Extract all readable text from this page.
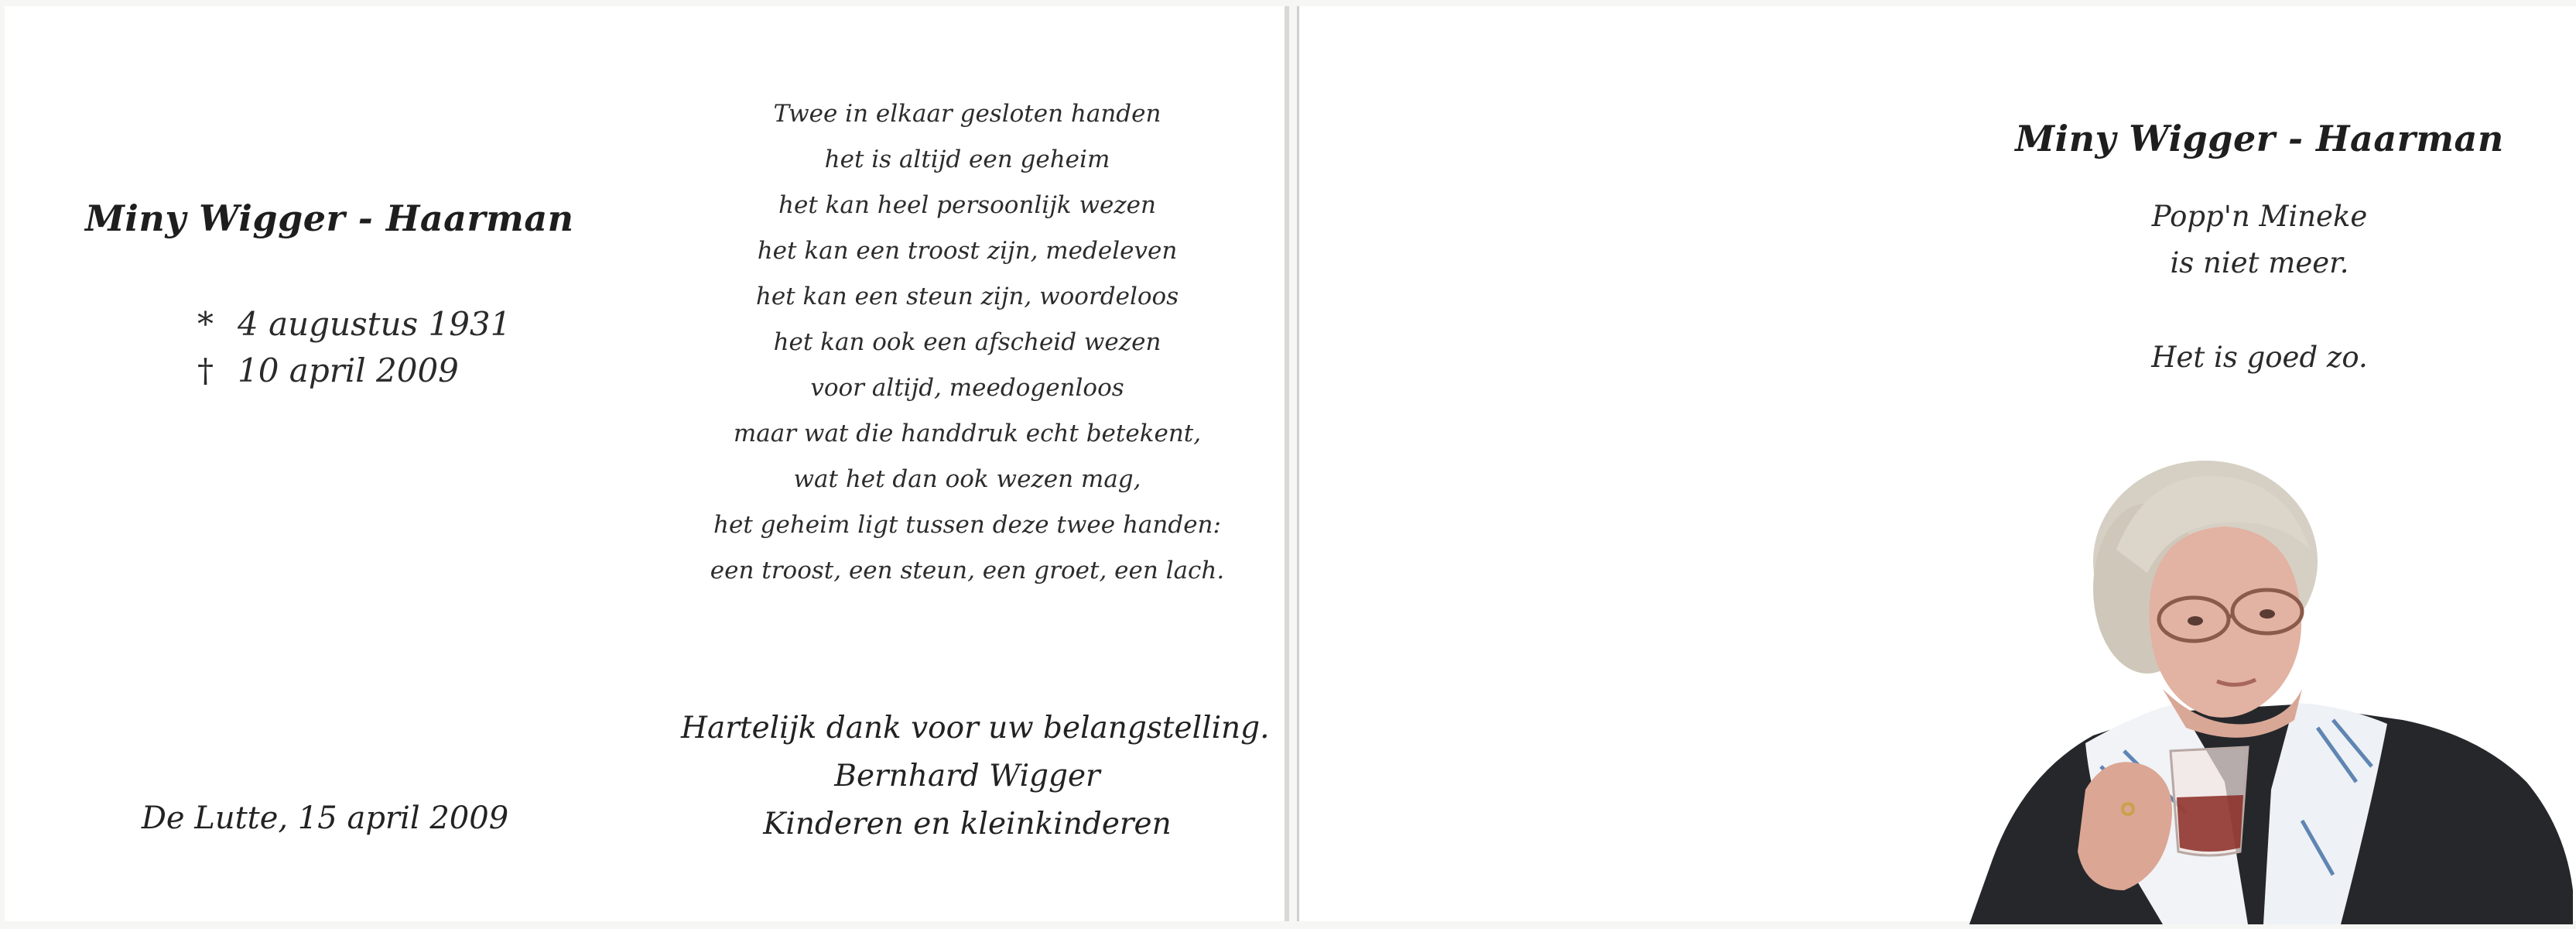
Miny Wigger - Haarman
* 4 augustus 1931
† 10 april 2009
Twee in elkaar gesloten handen
het is altijd een geheim
het kan heel persoonlijk wezen
het kan een troost zijn, medeleven
het kan een steun zijn, woordeloos
het kan ook een afscheid wezen
voor altijd, meedogenloos
maar wat die handdruk echt betekent,
wat het dan ook wezen mag,
het geheim ligt tussen deze twee handen:
een troost, een steun, een groet, een lach.
Hartelijk dank voor uw belangstelling.
Bernhard Wigger
Kinderen en kleinkinderen
De Lutte, 15 april 2009
Miny Wigger - Haarman
Popp'n Mineke
is niet meer.
Het is goed zo.
